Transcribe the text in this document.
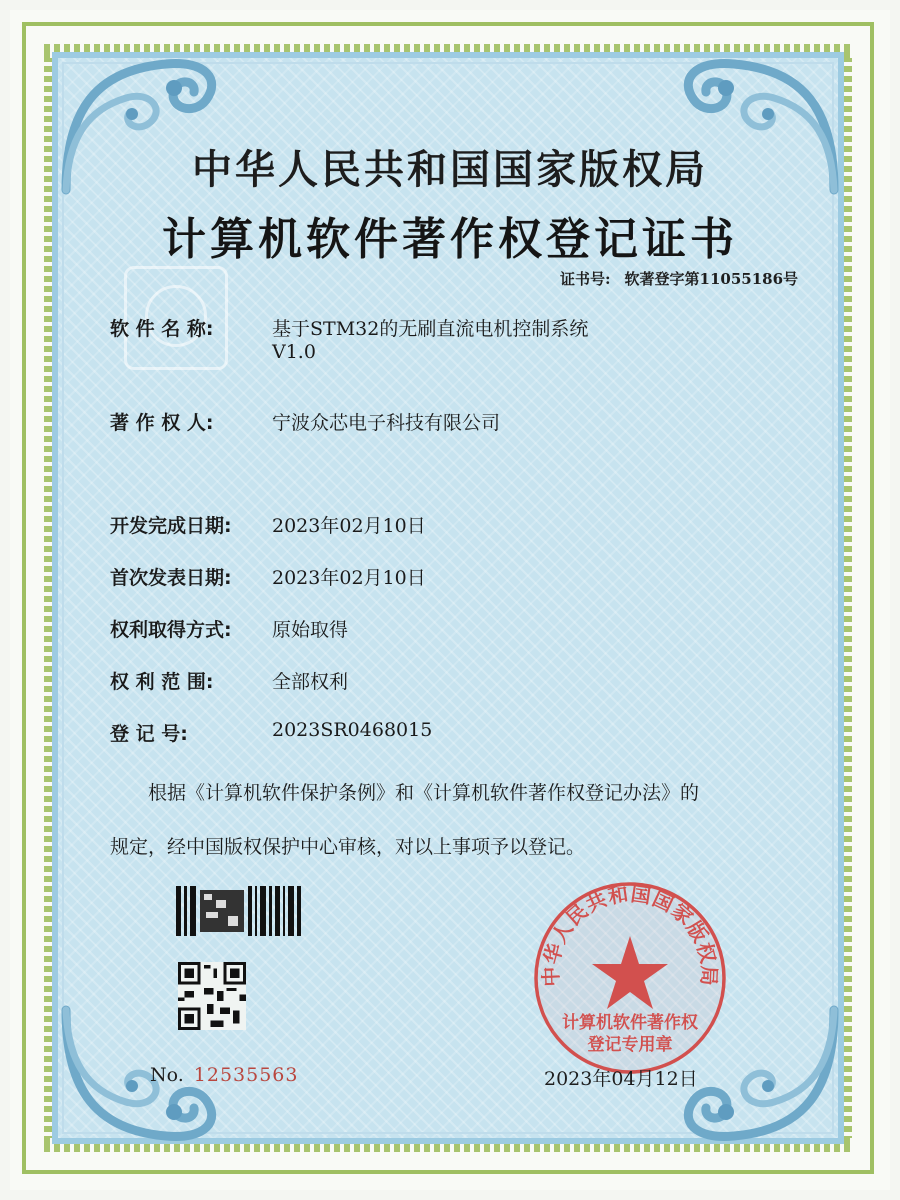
中华人民共和国国家版权局
计算机软件著作权登记证书
证书号: 软著登字第11055186号
软 件 名 称:	基于STM32的无刷直流电机控制系统
V1.0
著 作 权 人:	宁波众芯电子科技有限公司
开发完成日期: 2023年02月10日
首次发表日期: 2023年02月10日
权利取得方式: 原始取得
权 利 范 围:	全部权利
登 记 号:	2023SR0468015
根据《计算机软件保护条例》和《计算机软件著作权登记办法》的
规定，经中国版权保护中心审核，对以上事项予以登记。
No. 12535563
中华人民共和国国家版权局
计算机软件著作权
登记专用章
2023年04月12日
